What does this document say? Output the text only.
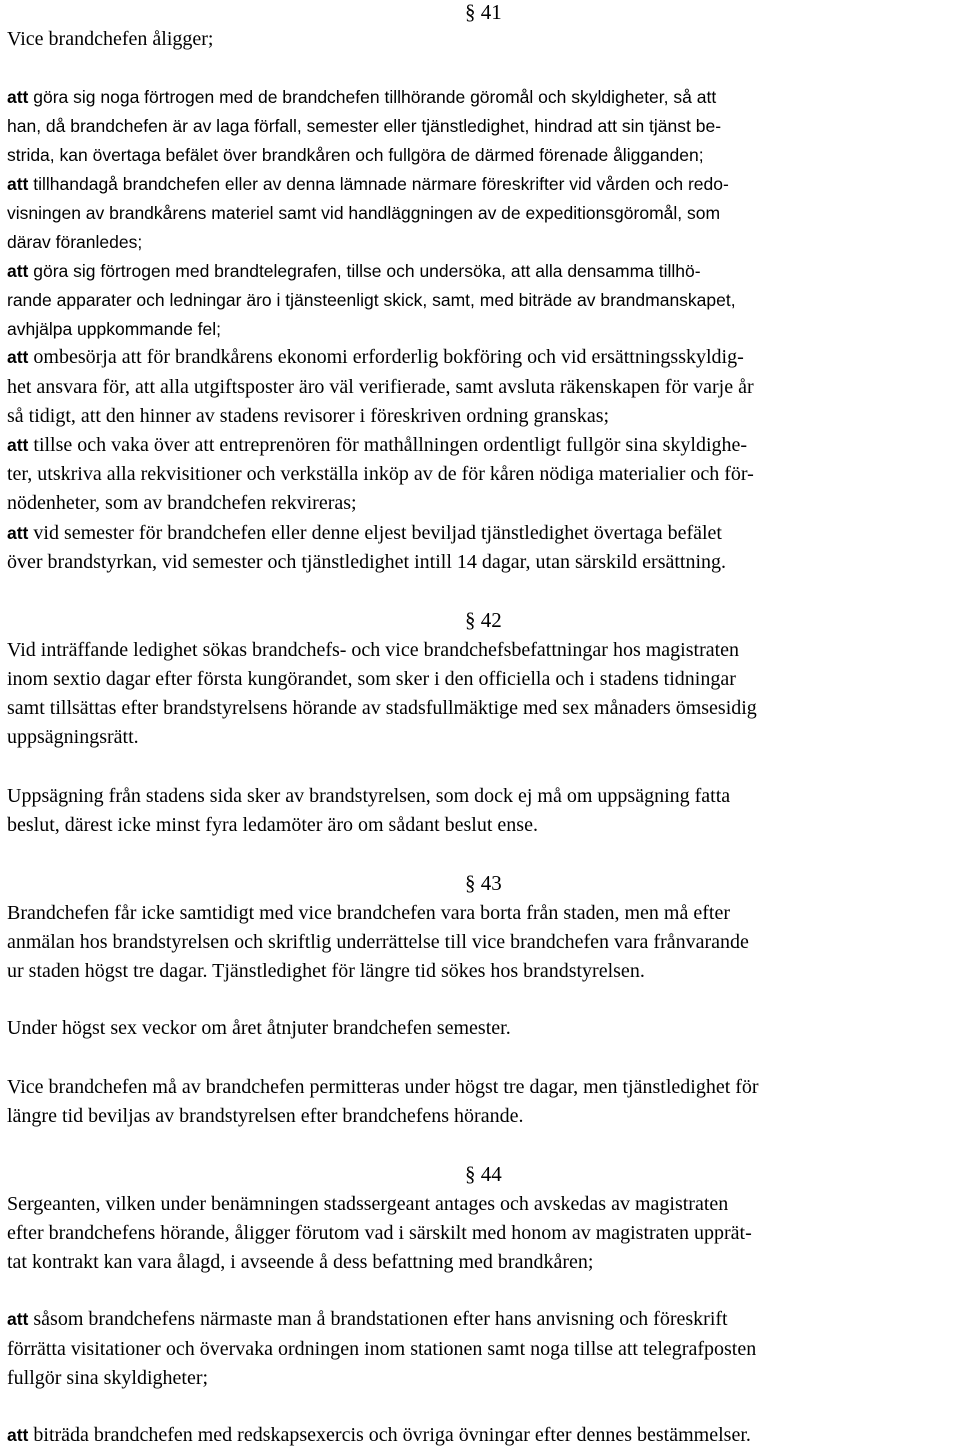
Vice brandchefen åligger;
§ 41
att göra sig noga förtrogen med de brandchefen tillhörande göromål och skyldigheter, så att
han, då brandchefen är av laga förfall, semester eller tjänstledighet, hindrad att sin tjänst be-
strida, kan övertaga befälet över brandkåren och fullgöra de därmed förenade åligganden;
att tillhandagå brandchefen eller av denna lämnade närmare föreskrifter vid vården och redo-
visningen av brandkårens materiel samt vid handläggningen av de expeditionsgöromål, som
därav föranledes;
att göra sig förtrogen med brandtelegrafen, tillse och undersöka, att alla densamma tillhö-
rande apparater och ledningar äro i tjänsteenligt skick, samt, med biträde av brandmanskapet,
avhjälpa uppkommande fel;
att ombesörja att för brandkårens ekonomi erforderlig bokföring och vid ersättningsskyldig-
het ansvara för, att alla utgiftsposter äro väl verifierade, samt avsluta räkenskapen för varje år
så tidigt, att den hinner av stadens revisorer i föreskriven ordning granskas;
att tillse och vaka över att entreprenören för mathållningen ordentligt fullgör sina skyldighe-
ter, utskriva alla rekvisitioner och verkställa inköp av de för kåren nödiga materialier och för-
nödenheter, som av brandchefen rekvireras;
att vid semester för brandchefen eller denne eljest beviljad tjänstledighet övertaga befälet
över brandstyrkan, vid semester och tjänstledighet intill 14 dagar, utan särskild ersättning.
§ 42
Vid inträffande ledighet sökas brandchefs- och vice brandchefsbefattningar hos magistraten
inom sextio dagar efter första kungörandet, som sker i den officiella och i stadens tidningar
samt tillsättas efter brandstyrelsens hörande av stadsfullmäktige med sex månaders ömsesidig
uppsägningsrätt.
Uppsägning från stadens sida sker av brandstyrelsen, som dock ej må om uppsägning fatta
beslut, därest icke minst fyra ledamöter äro om sådant beslut ense.
§ 43
Brandchefen får icke samtidigt med vice brandchefen vara borta från staden, men må efter
anmälan hos brandstyrelsen och skriftlig underrättelse till vice brandchefen vara frånvarande
ur staden högst tre dagar. Tjänstledighet för längre tid sökes hos brandstyrelsen.
Under högst sex veckor om året åtnjuter brandchefen semester.
Vice brandchefen må av brandchefen permitteras under högst tre dagar, men tjänstledighet för
längre tid beviljas av brandstyrelsen efter brandchefens hörande.
§ 44
Sergeanten, vilken under benämningen stadssergeant antages och avskedas av magistraten
efter brandchefens hörande, åligger förutom vad i särskilt med honom av magistraten upprät-
tat kontrakt kan vara ålagd, i avseende å dess befattning med brandkåren;
att såsom brandchefens närmaste man å brandstationen efter hans anvisning och föreskrift
förrätta visitationer och övervaka ordningen inom stationen samt noga tillse att telegrafposten
fullgör sina skyldigheter;
att biträda brandchefen med redskapsexercis och övriga övningar efter dennes bestämmelser.
